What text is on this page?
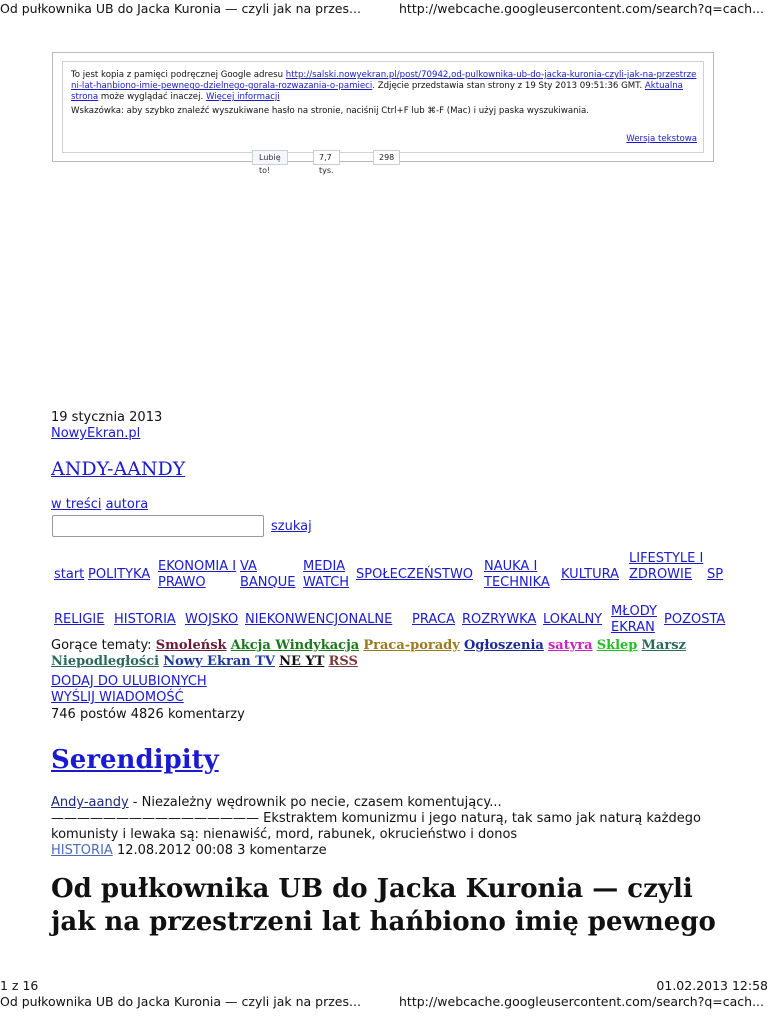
Od pułkownika UB do Jacka Kuronia — czyli jak na przes...	http://webcache.googleusercontent.com/search?q=cach...
To jest kopia z pamięci podręcznej Google adresu http://salski.nowyekran.pl/post/70942,od-pulkownika-ub-do-jacka-kuronia-czyli-jak-na-przestrzeni-lat-hanbiono-imie-pewnego-dzielnego-gorala-rozwazania-o-pamieci. Zdjęcie przedstawia stan strony z 19 Sty 2013 09:51:36 GMT. Aktualna strona może wyglądać inaczej. Więcej informacji
Wskazówka: aby szybko znaleźć wyszukiwane hasło na stronie, naciśnij Ctrl+F lub ⌘-F (Mac) i użyj paska wyszukiwania.
Wersja tekstowa
Lubię to!
7,7 tys.
298
19 stycznia 2013
NowyEkran.pl
ANDY-AANDY
w treści autora
szukaj
start POLITYKA
EKONOMIA I PRAWO
VA BANQUE
MEDIA WATCH
SPOŁECZEŃSTWO
NAUKA I TECHNIKA
KULTURA
LIFESTYLE I ZDROWIE	SP
RELIGIE HISTORIA WOJSKO NIEKONWENCJONALNE PRACA ROZRYWKA LOKALNY
MŁODY EKRAN
POZOSTA
Gorące tematy: Smoleńsk Akcja Windykacja Praca-porady Ogłoszenia satyra Sklep Marsz Niepodległości Nowy Ekran TV NE YT RSS
DODAJ DO ULUBIONYCH
WYŚLIJ WIADOMOŚĆ
746 postów 4826 komentarzy
Serendipity
Andy-aandy - Niezależny wędrownik po necie, czasem komentujący... ———————————————— Ekstraktem komunizmu i jego naturą, tak samo jak naturą każdego komunisty i lewaka są: nienawiść, mord, rabunek, okrucieństwo i donos
HISTORIA 12.08.2012 00:08 3 komentarze
Od pułkownika UB do Jacka Kuronia — czyli jak na przestrzeni lat hańbiono imię pewnego
1 z 16	01.02.2013 12:58
Od pułkownika UB do Jacka Kuronia — czyli jak na przes...	http://webcache.googleusercontent.com/search?q=cach...
